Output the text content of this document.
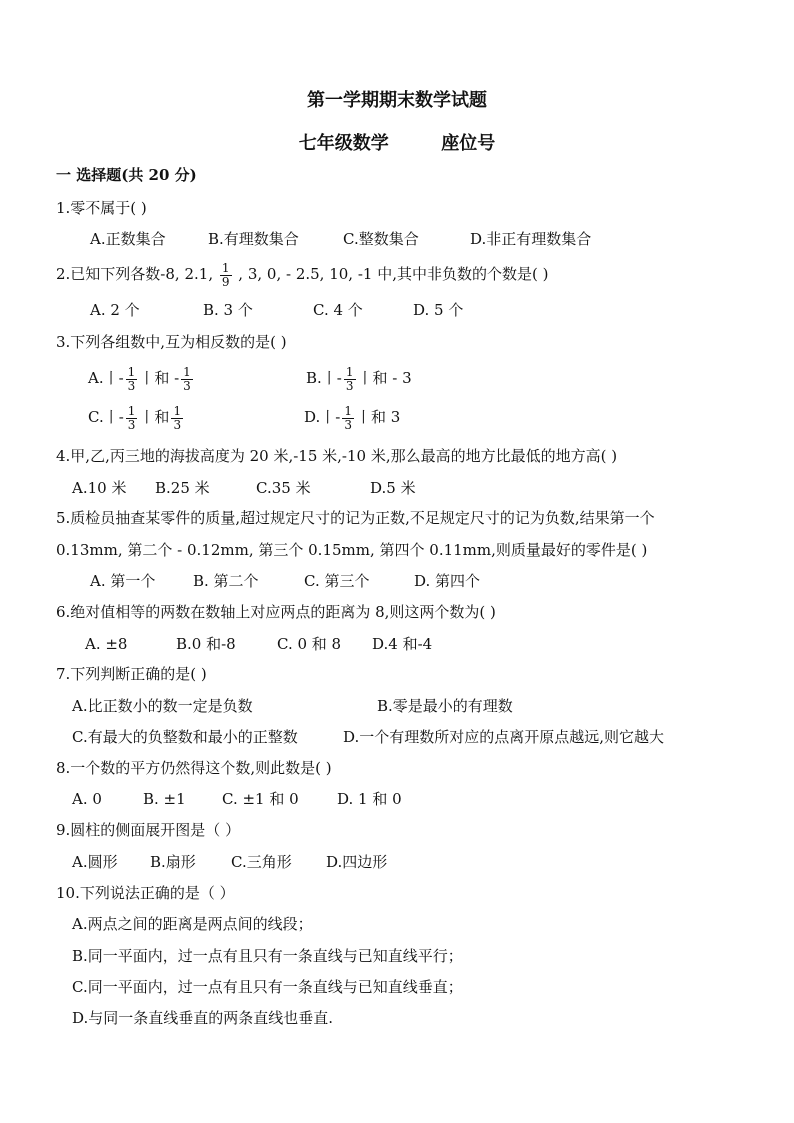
第一学期期末数学试题
七年级数学	座位号
一 选择题(共 20 分)
1.零不属于( )
A.正数集合	B.有理数集合	C.整数集合	D.非正有理数集合
2.已知下列各数-8, 2.1, $\frac{1}{9}$ , 3, 0, - 2.5, 10, -1 中,其中非负数的个数是( )
A. 2 个	B. 3 个	C. 4 个	D. 5 个
3.下列各组数中,互为相反数的是( )
A.丨- $\frac{1}{3}$ 丨和 - $\frac{1}{3}$	B.丨- $\frac{1}{3}$ 丨和 - 3
C.丨- $\frac{1}{3}$ 丨和 $\frac{1}{3}$	D.丨- $\frac{1}{3}$ 丨和 3
4.甲,乙,丙三地的海拔高度为 20 米,-15 米,-10 米,那么最高的地方比最低的地方高( )
A.10 米 B.25 米	C.35 米	D.5 米
5.质检员抽查某零件的质量,超过规定尺寸的记为正数,不足规定尺寸的记为负数,结果第一个
0.13mm, 第二个 - 0.12mm, 第三个 0.15mm, 第四个 0.11mm,则质量最好的零件是( )
A. 第一个	B. 第二个	C. 第三个	D. 第四个
6.绝对值相等的两数在数轴上对应两点的距离为 8,则这两个数为( )
A. ±8	B.0 和-8	C. 0 和 8 D.4 和-4
7.下列判断正确的是( )
A.比正数小的数一定是负数	B.零是最小的有理数
C.有最大的负整数和最小的正整数	D.一个有理数所对应的点离开原点越远,则它越大
8.一个数的平方仍然得这个数,则此数是( )
A. 0	B. ±1 C. ±1 和 0	D. 1 和 0
9.圆柱的侧面展开图是（ ）
A.圆形 B.扇形 C.三角形 D.四边形
10.下列说法正确的是（ ）
A.两点之间的距离是两点间的线段；
B.同一平面内，过一点有且只有一条直线与已知直线平行；
C.同一平面内，过一点有且只有一条直线与已知直线垂直；
D.与同一条直线垂直的两条直线也垂直.
